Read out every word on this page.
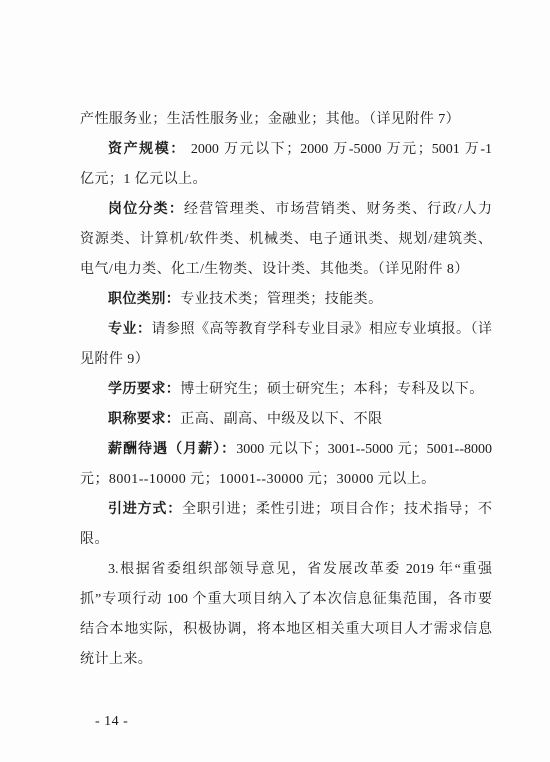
产性服务业；生活性服务业；金融业；其他。（详见附件 7）
资产规模： 2000 万元以下；2000 万-5000 万元；5001 万-1
亿元；1 亿元以上。
岗位分类：经营管理类、市场营销类、财务类、行政/人力
资源类、计算机/软件类、机械类、电子通讯类、规划/建筑类、
电气/电力类、化工/生物类、设计类、其他类。（详见附件 8）
职位类别：专业技术类；管理类；技能类。
专业：请参照《高等教育学科专业目录》相应专业填报。（详
见附件 9）
学历要求：博士研究生；硕士研究生；本科；专科及以下。
职称要求：正高、副高、中级及以下、不限
薪酬待遇（月薪）：3000 元以下；3001--5000 元；5001--8000
元；8001--10000 元；10001--30000 元；30000 元以上。
引进方式：全职引进；柔性引进；项目合作；技术指导；不
限。
3.根据省委组织部领导意见，省发展改革委 2019 年“重强
抓”专项行动 100 个重大项目纳入了本次信息征集范围，各市要
结合本地实际，积极协调，将本地区相关重大项目人才需求信息
统计上来。
- 14 -
